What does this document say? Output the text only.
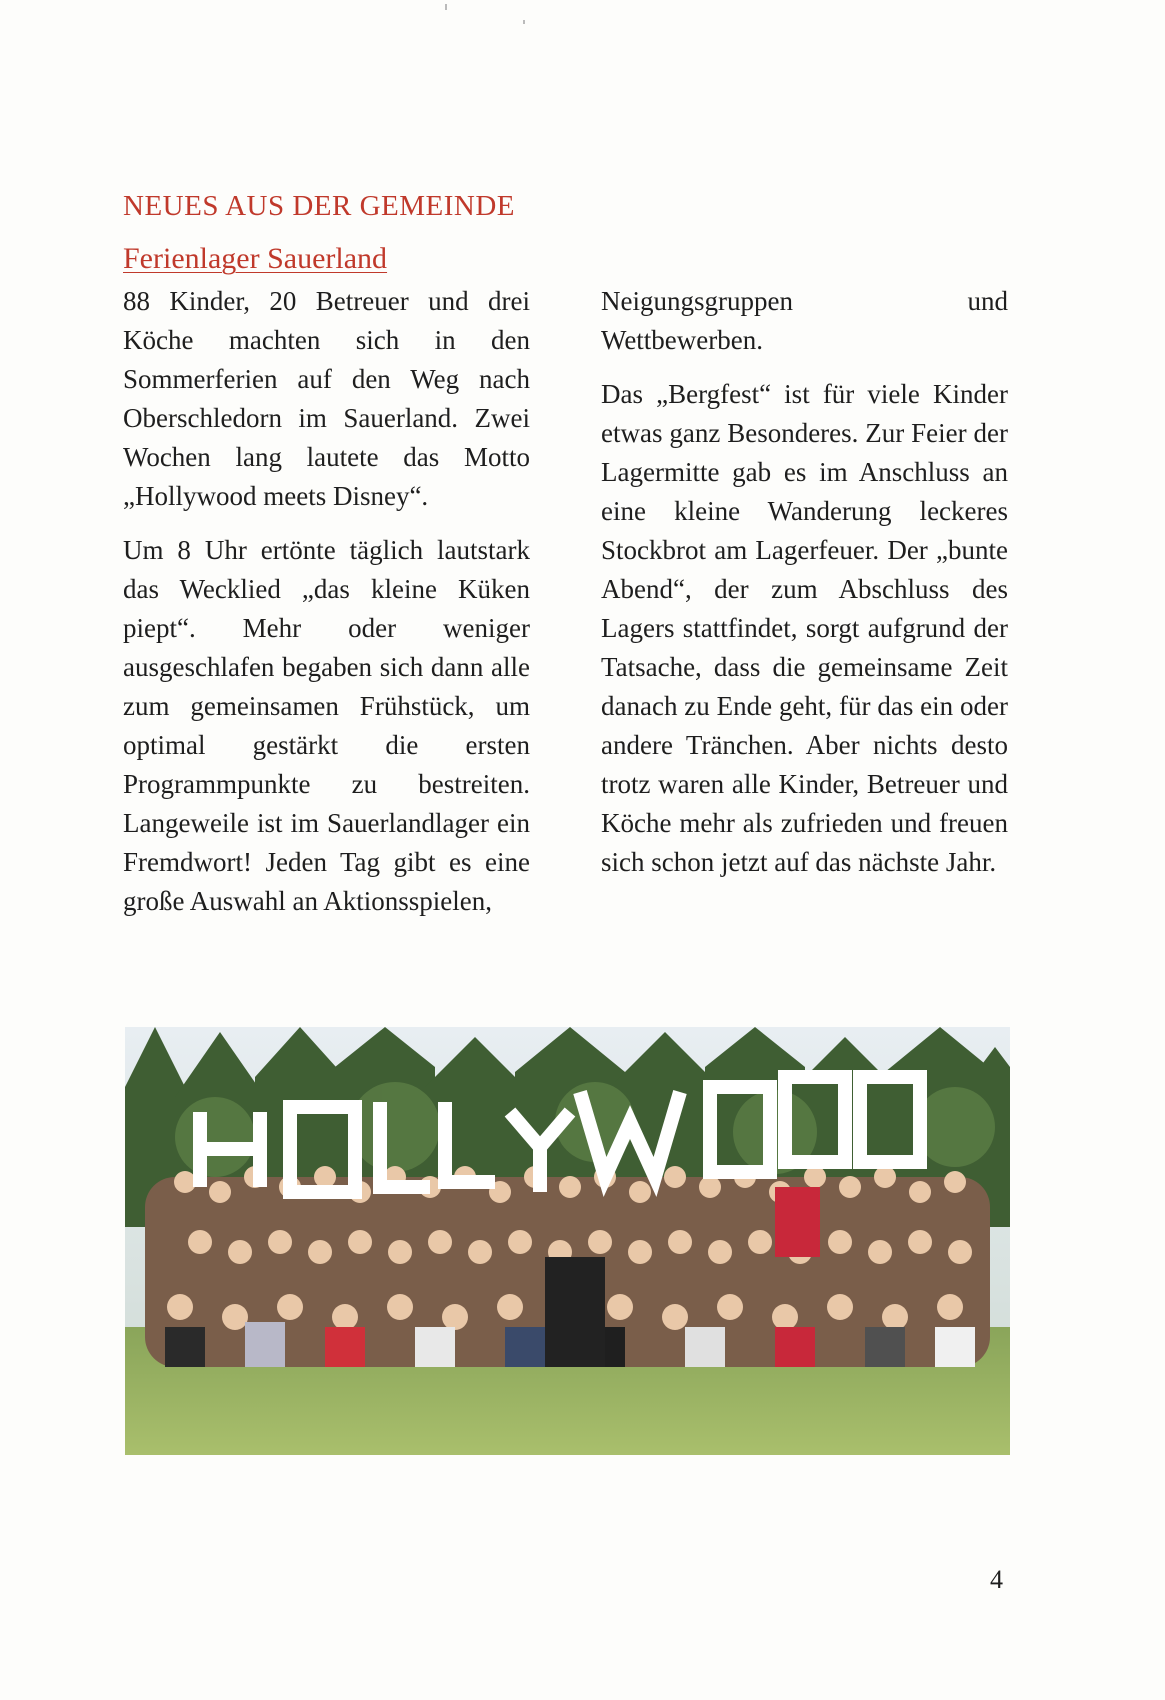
NEUES AUS DER GEMEINDE
Ferienlager Sauerland

88 Kinder, 20 Betreuer und drei Köche machten sich in den Sommerferien auf den Weg nach Oberschledorn im Sauerland. Zwei Wochen lang lautete das Motto „Hollywood meets Disney“.

Um 8 Uhr ertönte täglich lautstark das Wecklied „das kleine Küken piept“. Mehr oder weniger ausgeschlafen begaben sich dann alle zum gemeinsamen Frühstück, um optimal gestärkt die ersten Programmpunkte zu bestreiten. Langeweile ist im Sauerlandlager ein Fremdwort! Jeden Tag gibt es eine große Auswahl an Aktionsspielen,

Neigungsgruppen und Wettbewerben.

Das „Bergfest“ ist für viele Kinder etwas ganz Besonderes. Zur Feier der Lagermitte gab es im Anschluss an eine kleine Wanderung leckeres Stockbrot am Lagerfeuer. Der „bunte Abend“, der zum Abschluss des Lagers stattfindet, sorgt aufgrund der Tatsache, dass die gemeinsame Zeit danach zu Ende geht, für das ein oder andere Tränchen. Aber nichts desto trotz waren alle Kinder, Betreuer und Köche mehr als zufrieden und freuen sich schon jetzt auf das nächste Jahr.

4
